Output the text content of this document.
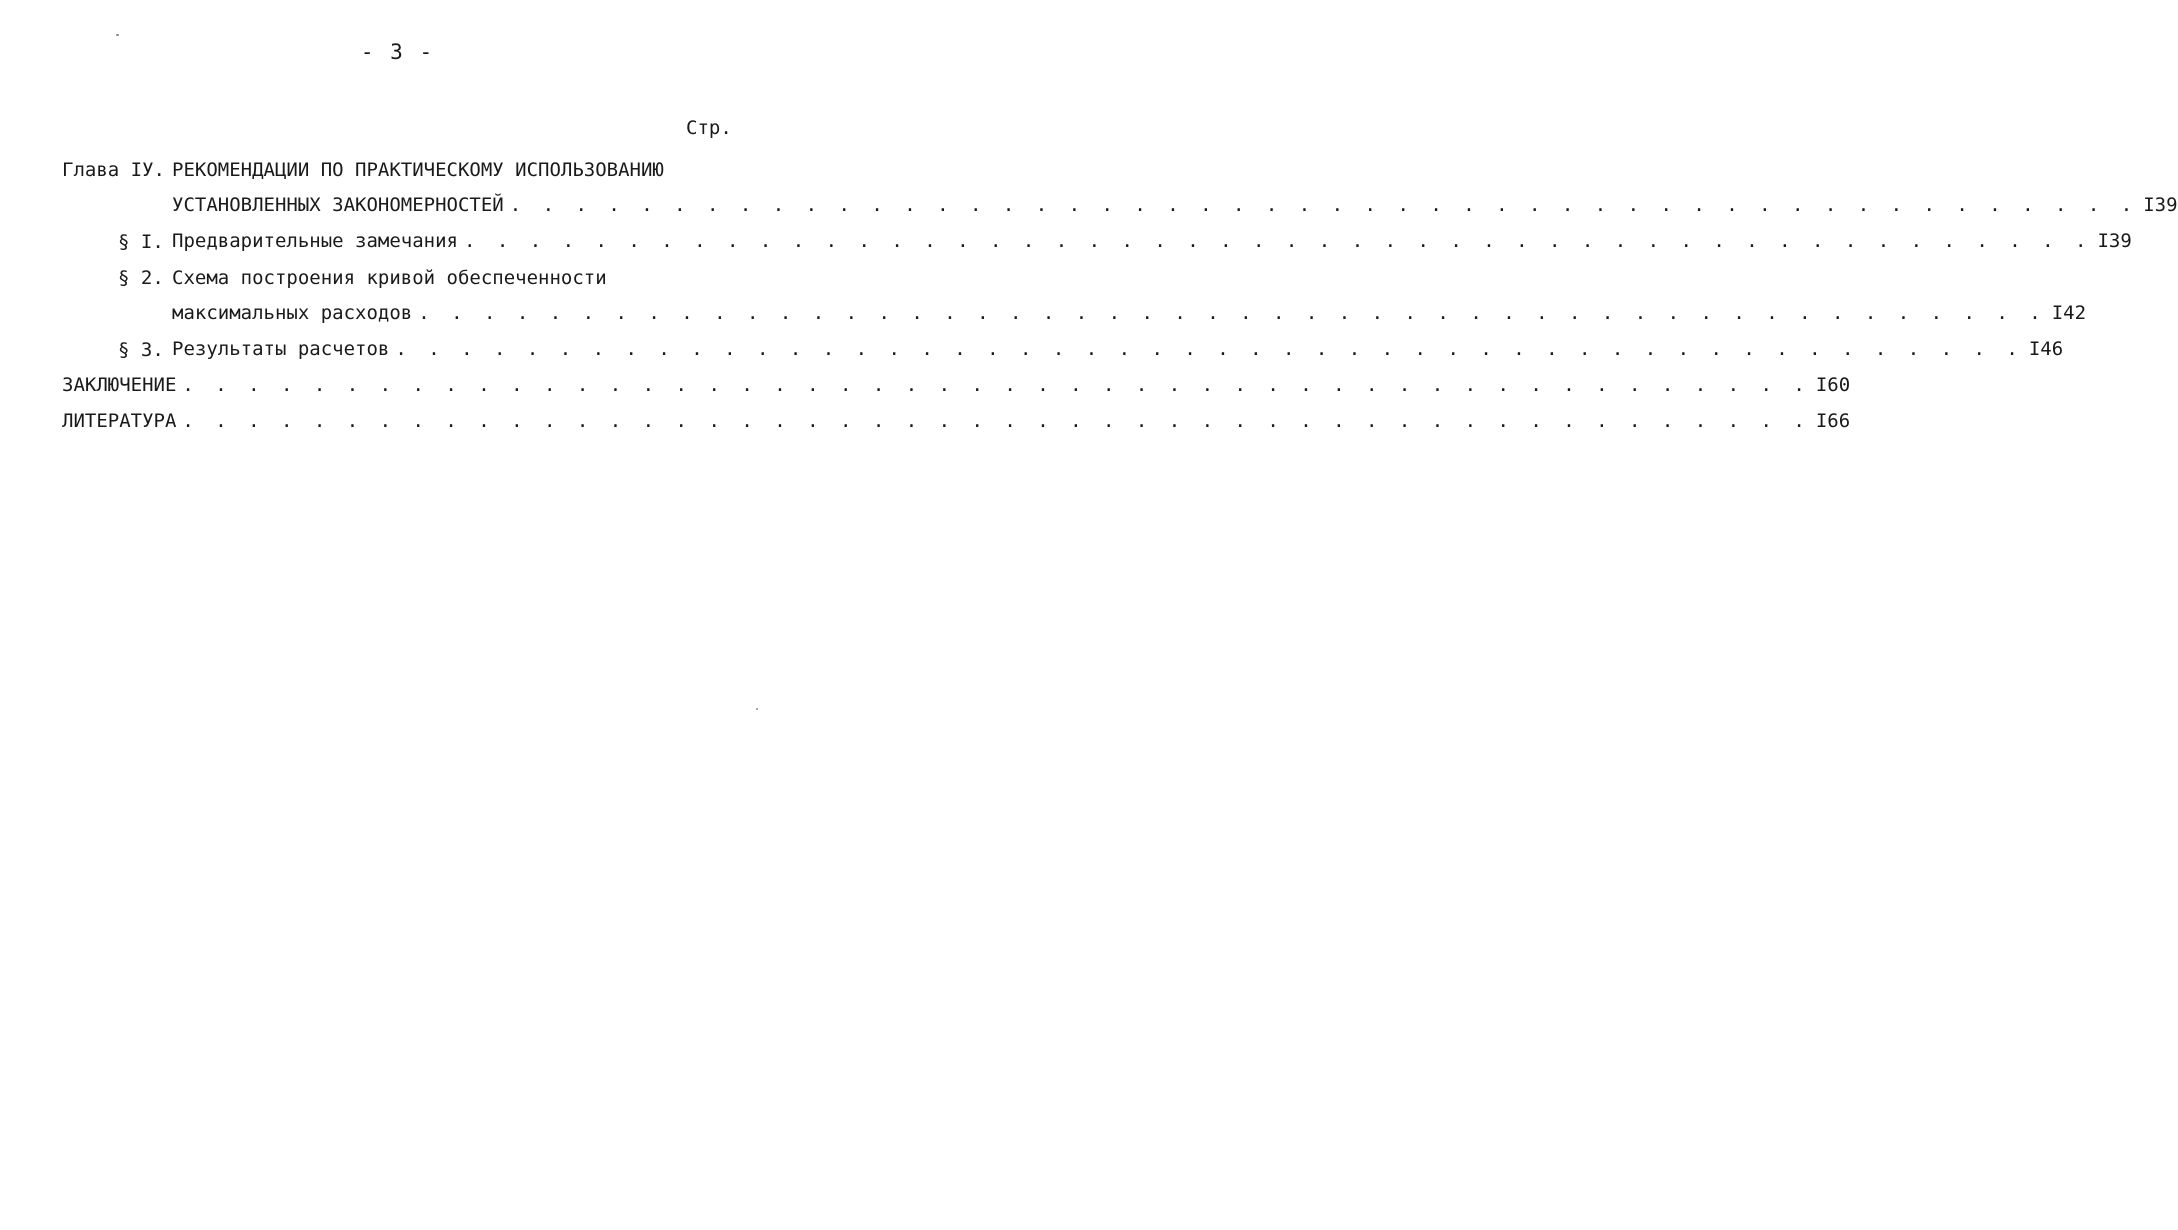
- 3 -
Стр.
Глава IУ. РЕКОМЕНДАЦИИ ПО ПРАКТИЧЕСКОМУ ИСПОЛЬЗОВАНИЮ
УСТАНОВЛЕННЫХ ЗАКОНОМЕРНОСТЕЙ . . . . . . . . . . . . . . . . . . . . . . . . . . . . . . . . . . . . . . . . . . . . . . . . . . I39
§ I. Предварительные замечания . . . . . . . . . . . . . . . . . . . . . . . . . . . . . . . . . . . . . . . . . . . . . . . . . . I39
§ 2. Схема построения кривой обеспеченности
максимальных расходов . . . . . . . . . . . . . . . . . . . . . . . . . . . . . . . . . . . . . . . . . . . . . . . . . . I42
§ 3. Результаты расчетов . . . . . . . . . . . . . . . . . . . . . . . . . . . . . . . . . . . . . . . . . . . . . . . . . . I46
ЗАКЛЮЧЕНИЕ . . . . . . . . . . . . . . . . . . . . . . . . . . . . . . . . . . . . . . . . . . . . . . . . . . I60
ЛИТЕРАТУРА . . . . . . . . . . . . . . . . . . . . . . . . . . . . . . . . . . . . . . . . . . . . . . . . . . I66
